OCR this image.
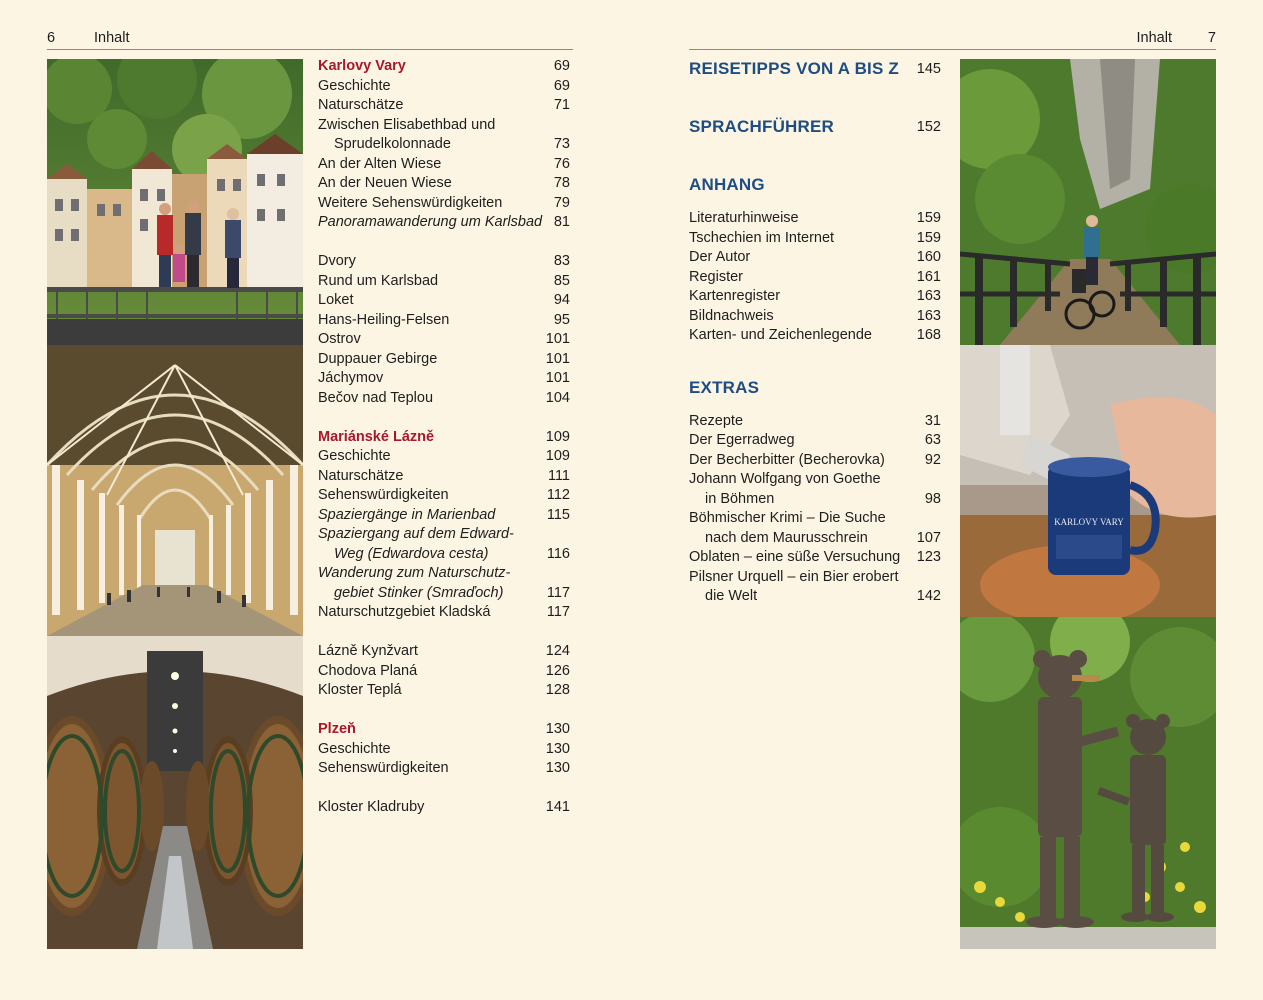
6	Inhalt	Inhalt 7
Karlovy Vary	69
Geschichte	69
Naturschätze	71
Zwischen Elisabethbad und
Sprudelkolonnade	73
An der Alten Wiese	76
An der Neuen Wiese	78
Weitere Sehenswürdigkeiten	79
Panoramawanderung um Karlsbad 81
Dvory	83
Rund um Karlsbad	85
Loket	94
Hans-Heiling-Felsen	95
Ostrov	101
Duppauer Gebirge	101
Jáchymov	101
Bečov nad Teplou	104
Mariánské Lázně	109
Geschichte	109
Naturschätze	111
Sehenswürdigkeiten	112
Spaziergänge in Marienbad	115
Spaziergang auf dem Edward-
Weg (Edwardova cesta)	116
Wanderung zum Naturschutz-
gebiet Stinker (Smraďoch)	117
Naturschutzgebiet Kladská	117
Lázně Kynžvart	124
Chodova Planá	126
Kloster Teplá	128
Plzeň	130
Geschichte	130
Sehenswürdigkeiten	130
Kloster Kladruby	141
REISETIPPS VON A BIS Z 145
SPRACHFÜHRER	152
ANHANG
Literaturhinweise	159
Tschechien im Internet	159
Der Autor	160
Register	161
Kartenregister	163
Bildnachweis	163
Karten- und Zeichenlegende	168
EXTRAS
Rezepte	31
Der Egerradweg	63
Der Becherbitter (Becherovka)	92
Johann Wolfgang von Goethe
in Böhmen	98
Böhmischer Krimi – Die Suche
nach dem Maurusschrein	107
Oblaten – eine süße Versuchung 123
Pilsner Urquell – ein Bier erobert
die Welt	142
KARLOVY VARY
